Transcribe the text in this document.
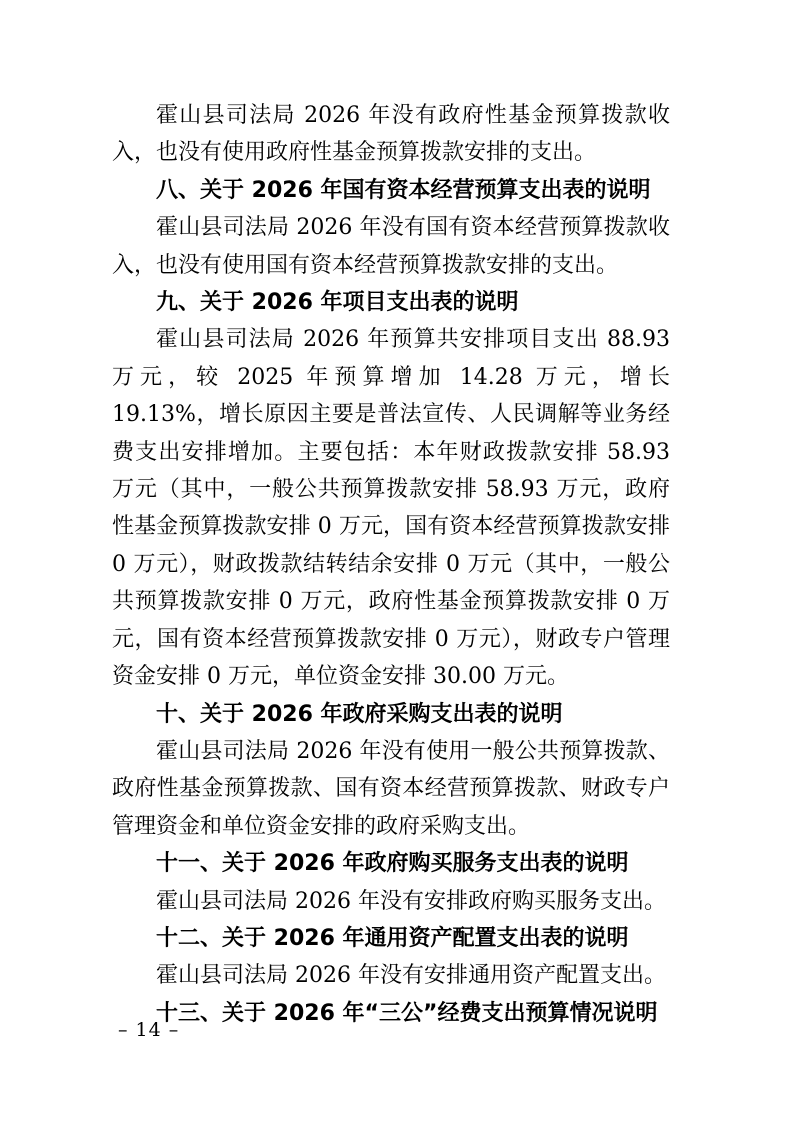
霍山县司法局 2026 年没有政府性基金预算拨款收入，也没有使用政府性基金预算拨款安排的支出。

八、关于 2026 年国有资本经营预算支出表的说明

霍山县司法局 2026 年没有国有资本经营预算拨款收入，也没有使用国有资本经营预算拨款安排的支出。

九、关于 2026 年项目支出表的说明

霍山县司法局 2026 年预算共安排项目支出 88.93 万元，较 2025 年预算增加 14.28 万元，增长 19.13%，增长原因主要是普法宣传、人民调解等业务经费支出安排增加。主要包括：本年财政拨款安排 58.93 万元（其中，一般公共预算拨款安排 58.93 万元，政府性基金预算拨款安排 0 万元，国有资本经营预算拨款安排 0 万元），财政拨款结转结余安排 0 万元（其中，一般公共预算拨款安排 0 万元，政府性基金预算拨款安排 0 万元，国有资本经营预算拨款安排 0 万元），财政专户管理资金安排 0 万元，单位资金安排 30.00 万元。

十、关于 2026 年政府采购支出表的说明

霍山县司法局 2026 年没有使用一般公共预算拨款、政府性基金预算拨款、国有资本经营预算拨款、财政专户管理资金和单位资金安排的政府采购支出。

十一、关于 2026 年政府购买服务支出表的说明

霍山县司法局 2026 年没有安排政府购买服务支出。

十二、关于 2026 年通用资产配置支出表的说明

霍山县司法局 2026 年没有安排通用资产配置支出。

十三、关于 2026 年“三公”经费支出预算情况说明
– 14 –
